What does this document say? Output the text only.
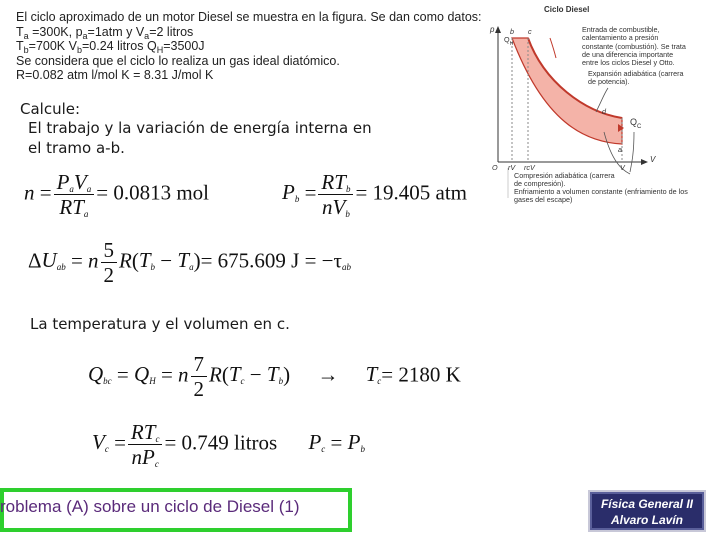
El ciclo aproximado de un motor Diesel se muestra en la figura. Se dan como datos:
$T_a =300K$, $p_a=1atm$ y $V_a=2$ litros
$T_b=700K$ $V_b=0.24$ litros $Q_H=3500J$
Se considera que el ciclo lo realiza un gas ideal diatómico.
R=0.082 atm l/mol K = 8.31 J/mol K
Calcule:
El trabajo y la variación de energía interna en
el tramo a-b.
La temperatura y el volumen en c.
$n = \frac{P_aV_a}{RT_a} = 0.0813$ mol	$P_b = \frac{RT_b}{nV_b} = 19.405$ atm
$\Delta U_{ab} = n \frac{5}{2} R(T_b - T_a)= 675.609$ $J = -\tau_{ab}$
$Q_{bc} = Q_H = n \frac{7}{2} R(T_c - T_b) \to T_c= 2180$ K
$V_c = \frac{RT_c}{nP_c} = 0.749$ litros $P_c = P_b$
Ciclo Diesel
p
V
$Q_H$
$Q_C$
b c
d
a
O rV rcV	V
Entrada de combustible, calentamiento a presión constante (combustión). Se trata de una diferencia importante entre los ciclos Diesel y Otto.
Expansión adiabática (carrera de potencia).
Compresión adiabática (carrera de compresión).
Enfriamiento a volumen constante (enfriamiento de los gases del escape)
roblema (A) sobre un ciclo de Diesel (1)	Física General II
Alvaro Lavín
